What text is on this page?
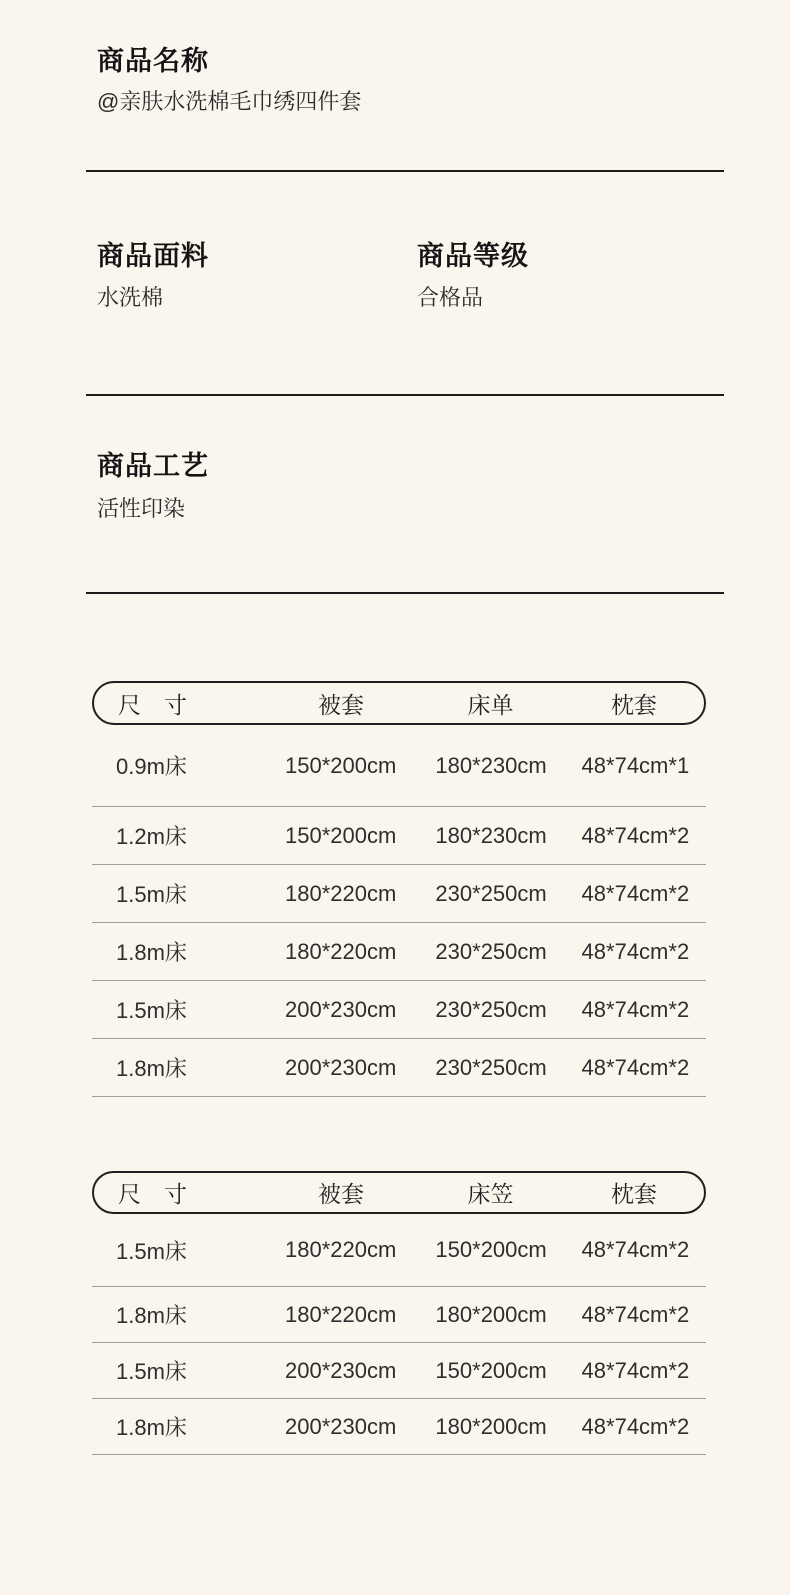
商品名称

@亲肤水洗棉毛巾绣四件套

商品面料

水洗棉

商品等级

合格品

商品工艺

活性印染

尺　寸	被套	床单	枕套
0.9m床	150*200cm	180*230cm	48*74cm*1
1.2m床	150*200cm	180*230cm	48*74cm*2
1.5m床	180*220cm	230*250cm	48*74cm*2
1.8m床	180*220cm	230*250cm	48*74cm*2
1.5m床	200*230cm	230*250cm	48*74cm*2
1.8m床	200*230cm	230*250cm	48*74cm*2
尺　寸	被套	床笠	枕套
1.5m床	180*220cm	150*200cm	48*74cm*2
1.8m床	180*220cm	180*200cm	48*74cm*2
1.5m床	200*230cm	150*200cm	48*74cm*2
1.8m床	200*230cm	180*200cm	48*74cm*2
